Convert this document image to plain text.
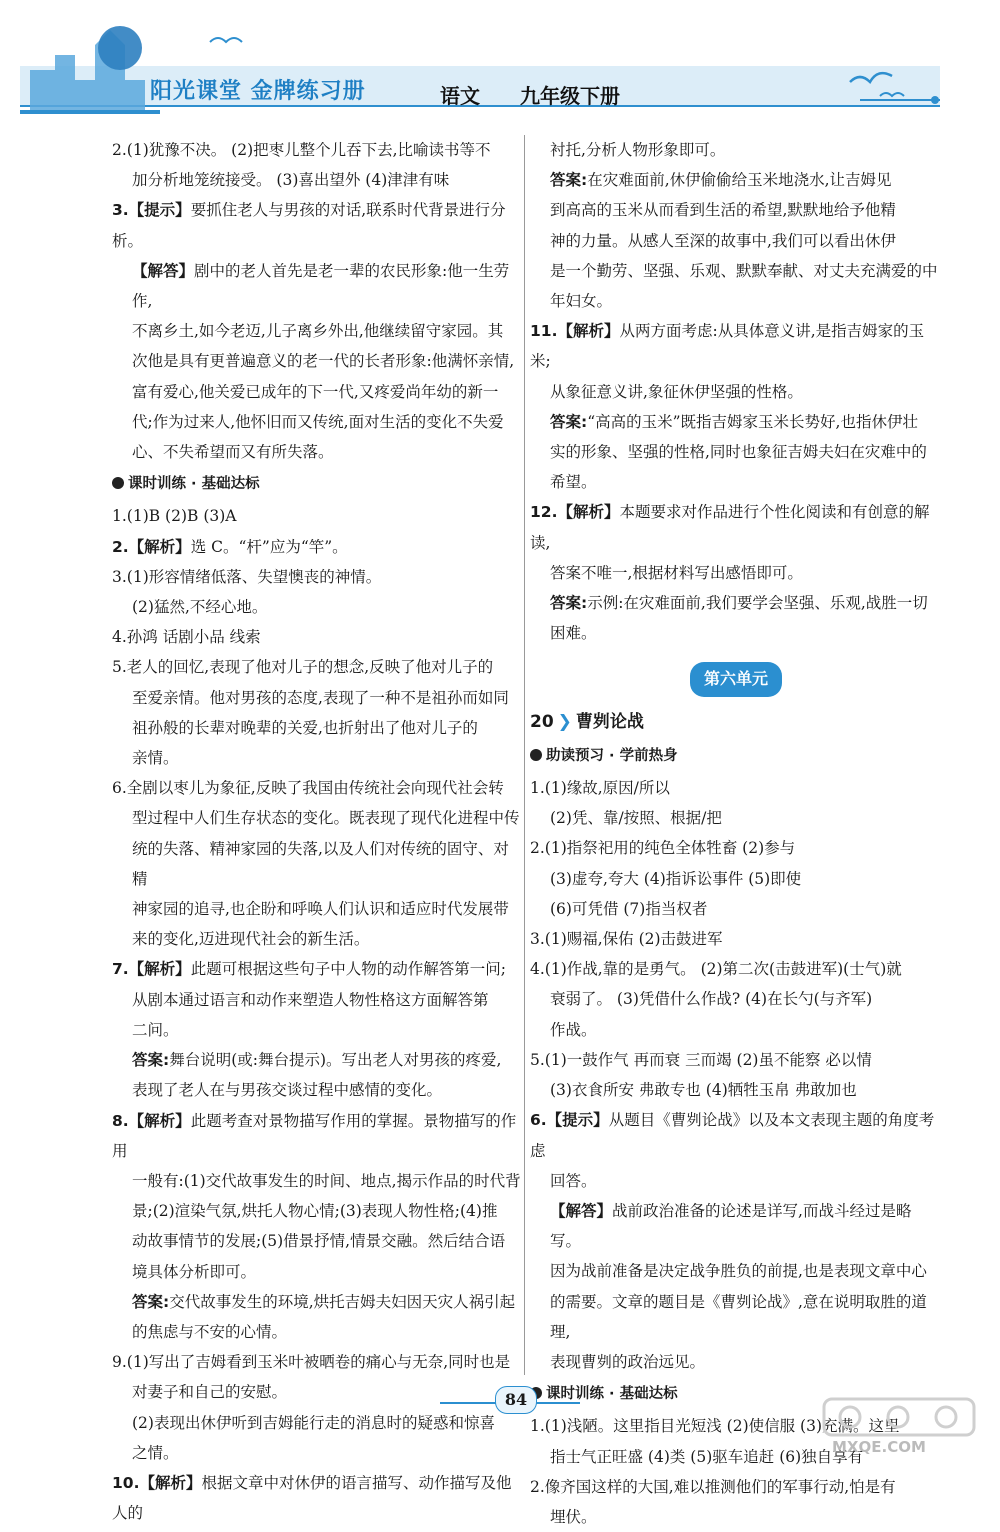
阳光课堂 金牌练习册	语文 九年级下册

2.(1)犹豫不决。 (2)把枣儿整个儿吞下去,比喻读书等不

加分析地笼统接受。 (3)喜出望外 (4)津津有味

3.【提示】要抓住老人与男孩的对话,联系时代背景进行分析。

【解答】剧中的老人首先是老一辈的农民形象:他一生劳作,

不离乡土,如今老迈,儿子离乡外出,他继续留守家园。其

次他是具有更普遍意义的老一代的长者形象:他满怀亲情,

富有爱心,他关爱已成年的下一代,又疼爱尚年幼的新一

代;作为过来人,他怀旧而又传统,面对生活的变化不失爱

心、不失希望而又有所失落。

课时训练 · 基础达标

1.(1)B (2)B (3)A

2.【解析】选 C。“杆”应为“竿”。

3.(1)形容情绪低落、失望懊丧的神情。

(2)猛然,不经心地。

4.孙鸿 话剧小品 线索

5.老人的回忆,表现了他对儿子的想念,反映了他对儿子的

至爱亲情。他对男孩的态度,表现了一种不是祖孙而如同

祖孙般的长辈对晚辈的关爱,也折射出了他对儿子的

亲情。

6.全剧以枣儿为象征,反映了我国由传统社会向现代社会转

型过程中人们生存状态的变化。既表现了现代化进程中传

统的失落、精神家园的失落,以及人们对传统的固守、对精

神家园的追寻,也企盼和呼唤人们认识和适应时代发展带

来的变化,迈进现代社会的新生活。

7.【解析】此题可根据这些句子中人物的动作解答第一问;

从剧本通过语言和动作来塑造人物性格这方面解答第

二问。

答案:舞台说明(或:舞台提示)。写出老人对男孩的疼爱,

表现了老人在与男孩交谈过程中感情的变化。

8.【解析】此题考查对景物描写作用的掌握。景物描写的作用

一般有:(1)交代故事发生的时间、地点,揭示作品的时代背

景;(2)渲染气氛,烘托人物心情;(3)表现人物性格;(4)推

动故事情节的发展;(5)借景抒情,情景交融。然后结合语

境具体分析即可。

答案:交代故事发生的环境,烘托吉姆夫妇因天灾人祸引起

的焦虑与不安的心情。

9.(1)写出了吉姆看到玉米叶被晒卷的痛心与无奈,同时也是

对妻子和自己的安慰。

(2)表现出休伊听到吉姆能行走的消息时的疑惑和惊喜

之情。

10.【解析】根据文章中对休伊的语言描写、动作描写及他人的

衬托,分析人物形象即可。

答案:在灾难面前,休伊偷偷给玉米地浇水,让吉姆见

到高高的玉米从而看到生活的希望,默默地给予他精

神的力量。从感人至深的故事中,我们可以看出休伊

是一个勤劳、坚强、乐观、默默奉献、对丈夫充满爱的中

年妇女。

11.【解析】从两方面考虑:从具体意义讲,是指吉姆家的玉米;

从象征意义讲,象征休伊坚强的性格。

答案:“高高的玉米”既指吉姆家玉米长势好,也指休伊壮

实的形象、坚强的性格,同时也象征吉姆夫妇在灾难中的

希望。

12.【解析】本题要求对作品进行个性化阅读和有创意的解读,

答案不唯一,根据材料写出感悟即可。

答案:示例:在灾难面前,我们要学会坚强、乐观,战胜一切

困难。

第六单元
20 ❯ 曹刿论战
助读预习 · 学前热身

1.(1)缘故,原因/所以

(2)凭、靠/按照、根据/把

2.(1)指祭祀用的纯色全体牲畜 (2)参与

(3)虚夸,夸大 (4)指诉讼事件 (5)即使

(6)可凭借 (7)指当权者

3.(1)赐福,保佑 (2)击鼓进军

4.(1)作战,靠的是勇气。 (2)第二次(击鼓进军)(士气)就

衰弱了。 (3)凭借什么作战? (4)在长勺(与齐军)

作战。

5.(1)一鼓作气 再而衰 三而竭 (2)虽不能察 必以情

(3)衣食所安 弗敢专也 (4)牺牲玉帛 弗敢加也

6.【提示】从题目《曹刿论战》以及本文表现主题的角度考虑

回答。

【解答】战前政治准备的论述是详写,而战斗经过是略写。

因为战前准备是决定战争胜负的前提,也是表现文章中心

的需要。文章的题目是《曹刿论战》,意在说明取胜的道理,

表现曹刿的政治远见。

课时训练 · 基础达标

1.(1)浅陋。这里指目光短浅 (2)使信服 (3)充满。这里

指士气正旺盛 (4)类 (5)驱车追赶 (6)独自享有

2.像齐国这样的大国,难以推测他们的军事行动,怕是有

埋伏。

84
MXQE.COM
